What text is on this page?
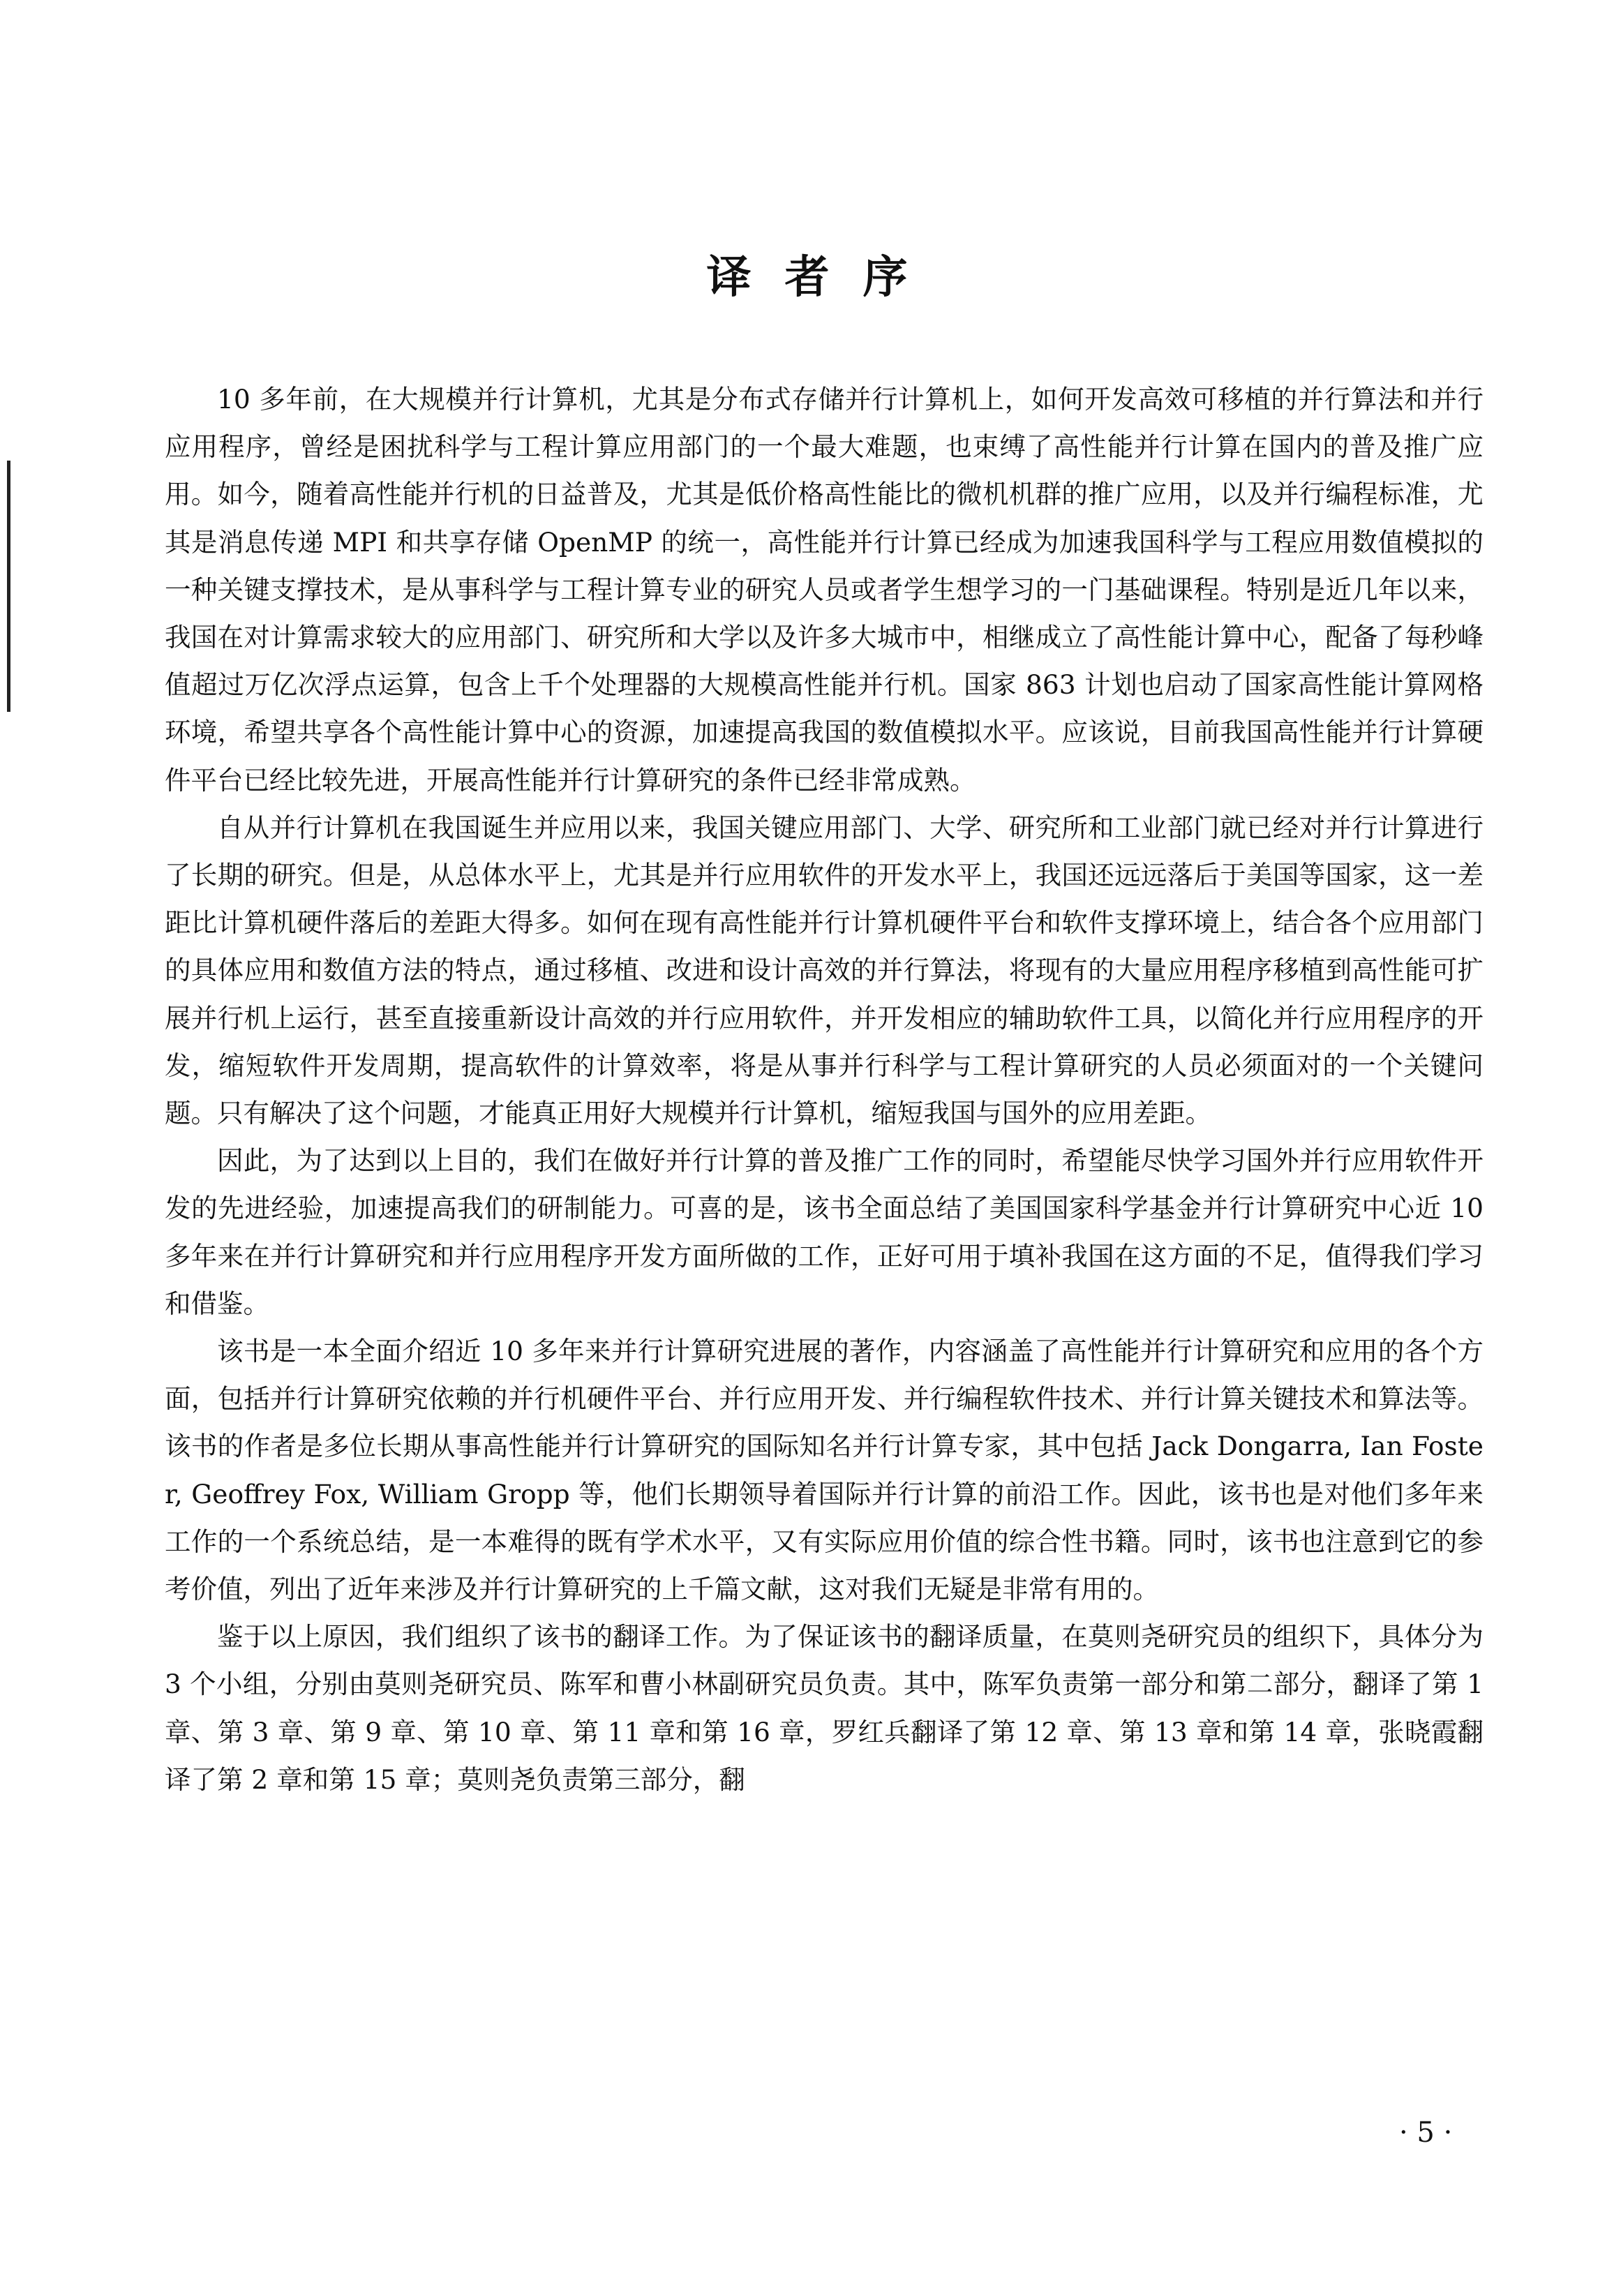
译者序

10 多年前，在大规模并行计算机，尤其是分布式存储并行计算机上，如何开发高效可移植的并行算法和并行应用程序，曾经是困扰科学与工程计算应用部门的一个最大难题，也束缚了高性能并行计算在国内的普及推广应用。如今，随着高性能并行机的日益普及，尤其是低价格高性能比的微机机群的推广应用，以及并行编程标准，尤其是消息传递 MPI 和共享存储 OpenMP 的统一，高性能并行计算已经成为加速我国科学与工程应用数值模拟的一种关键支撑技术，是从事科学与工程计算专业的研究人员或者学生想学习的一门基础课程。特别是近几年以来，我国在对计算需求较大的应用部门、研究所和大学以及许多大城市中，相继成立了高性能计算中心，配备了每秒峰值超过万亿次浮点运算，包含上千个处理器的大规模高性能并行机。国家 863 计划也启动了国家高性能计算网格环境，希望共享各个高性能计算中心的资源，加速提高我国的数值模拟水平。应该说，目前我国高性能并行计算硬件平台已经比较先进，开展高性能并行计算研究的条件已经非常成熟。

自从并行计算机在我国诞生并应用以来，我国关键应用部门、大学、研究所和工业部门就已经对并行计算进行了长期的研究。但是，从总体水平上，尤其是并行应用软件的开发水平上，我国还远远落后于美国等国家，这一差距比计算机硬件落后的差距大得多。如何在现有高性能并行计算机硬件平台和软件支撑环境上，结合各个应用部门的具体应用和数值方法的特点，通过移植、改进和设计高效的并行算法，将现有的大量应用程序移植到高性能可扩展并行机上运行，甚至直接重新设计高效的并行应用软件，并开发相应的辅助软件工具，以简化并行应用程序的开发，缩短软件开发周期，提高软件的计算效率，将是从事并行科学与工程计算研究的人员必须面对的一个关键问题。只有解决了这个问题，才能真正用好大规模并行计算机，缩短我国与国外的应用差距。

因此，为了达到以上目的，我们在做好并行计算的普及推广工作的同时，希望能尽快学习国外并行应用软件开发的先进经验，加速提高我们的研制能力。可喜的是，该书全面总结了美国国家科学基金并行计算研究中心近 10 多年来在并行计算研究和并行应用程序开发方面所做的工作，正好可用于填补我国在这方面的不足，值得我们学习和借鉴。

该书是一本全面介绍近 10 多年来并行计算研究进展的著作，内容涵盖了高性能并行计算研究和应用的各个方面，包括并行计算研究依赖的并行机硬件平台、并行应用开发、并行编程软件技术、并行计算关键技术和算法等。该书的作者是多位长期从事高性能并行计算研究的国际知名并行计算专家，其中包括 Jack Dongarra, Ian Foster, Geoffrey Fox, William Gropp 等，他们长期领导着国际并行计算的前沿工作。因此，该书也是对他们多年来工作的一个系统总结，是一本难得的既有学术水平，又有实际应用价值的综合性书籍。同时，该书也注意到它的参考价值，列出了近年来涉及并行计算研究的上千篇文献，这对我们无疑是非常有用的。

鉴于以上原因，我们组织了该书的翻译工作。为了保证该书的翻译质量，在莫则尧研究员的组织下，具体分为 3 个小组，分别由莫则尧研究员、陈军和曹小林副研究员负责。其中，陈军负责第一部分和第二部分，翻译了第 1 章、第 3 章、第 9 章、第 10 章、第 11 章和第 16 章，罗红兵翻译了第 12 章、第 13 章和第 14 章，张晓霞翻译了第 2 章和第 15 章；莫则尧负责第三部分，翻

· 5 ·
